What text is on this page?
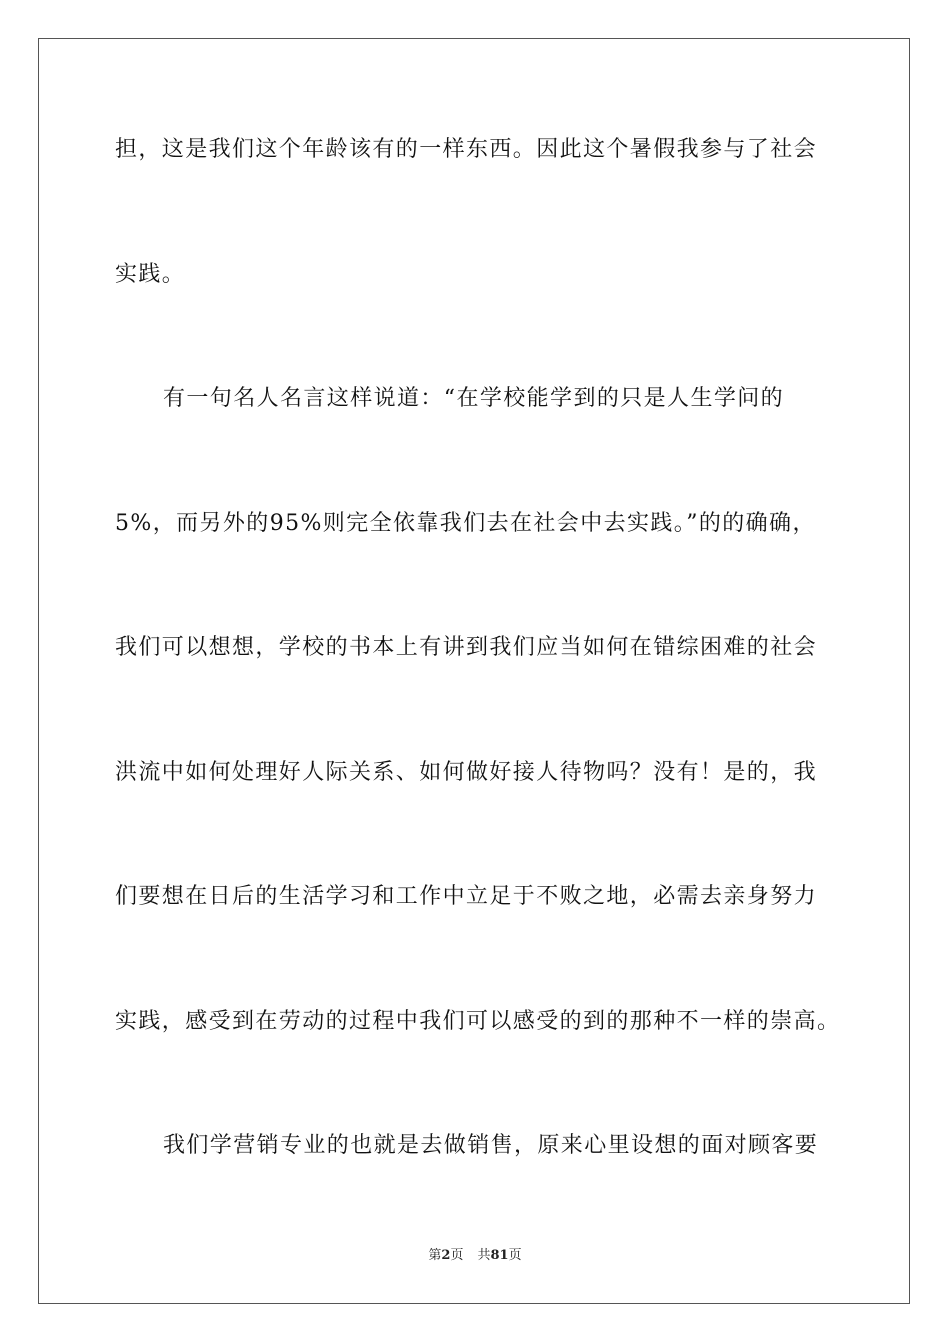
担，这是我们这个年龄该有的一样东西。因此这个暑假我参与了社会
实践。
有一句名人名言这样说道：“在学校能学到的只是人生学问的
5%，而另外的95%则完全依靠我们去在社会中去实践。”的的确确，
我们可以想想，学校的书本上有讲到我们应当如何在错综困难的社会
洪流中如何处理好人际关系、如何做好接人待物吗？没有！是的，我
们要想在日后的生活学习和工作中立足于不败之地，必需去亲身努力
实践，感受到在劳动的过程中我们可以感受的到的那种不一样的崇高。
我们学营销专业的也就是去做销售，原来心里设想的面对顾客要
第2页 共81页
